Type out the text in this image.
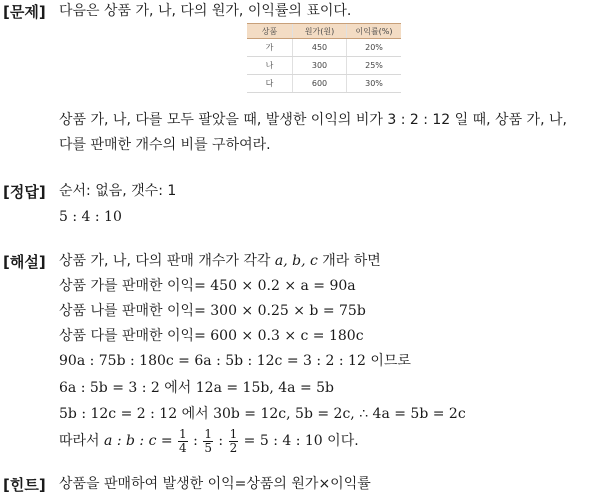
[문제] 다음은 상품 가, 나, 다의 원가, 이익률의 표이다.
상품	원가(원)	이익률(%)
가	450	20%
나	300	25%
다	600	30%
상품 가, 나, 다를 모두 팔았을 때, 발생한 이익의 비가 3 : 2 : 12 일 때, 상품 가, 나,
다를 판매한 개수의 비를 구하여라.
[정답] 순서: 없음, 갯수: 1
5 : 4 : 10
[해설] 상품 가, 나, 다의 판매 개수가 각각 a, b, c 개라 하면
상품 가를 판매한 이익= 450 × 0.2 × a = 90a
상품 나를 판매한 이익= 300 × 0.25 × b = 75b
상품 다를 판매한 이익= 600 × 0.3 × c = 180c
90a : 75b : 180c = 6a : 5b : 12c = 3 : 2 : 12 이므로
6a : 5b = 3 : 2 에서 12a = 15b, 4a = 5b
5b : 12c = 2 : 12 에서 30b = 12c, 5b = 2c, ∴ 4a = 5b = 2c
따라서 a : b : $c = \frac{1}{4}$ : $\frac{1}{5}$ : $\frac{1}{2} = 5$ : 4 : 10 이다.
[힌트] 상품을 판매하여 발생한 이익=상품의 원가×이익률
